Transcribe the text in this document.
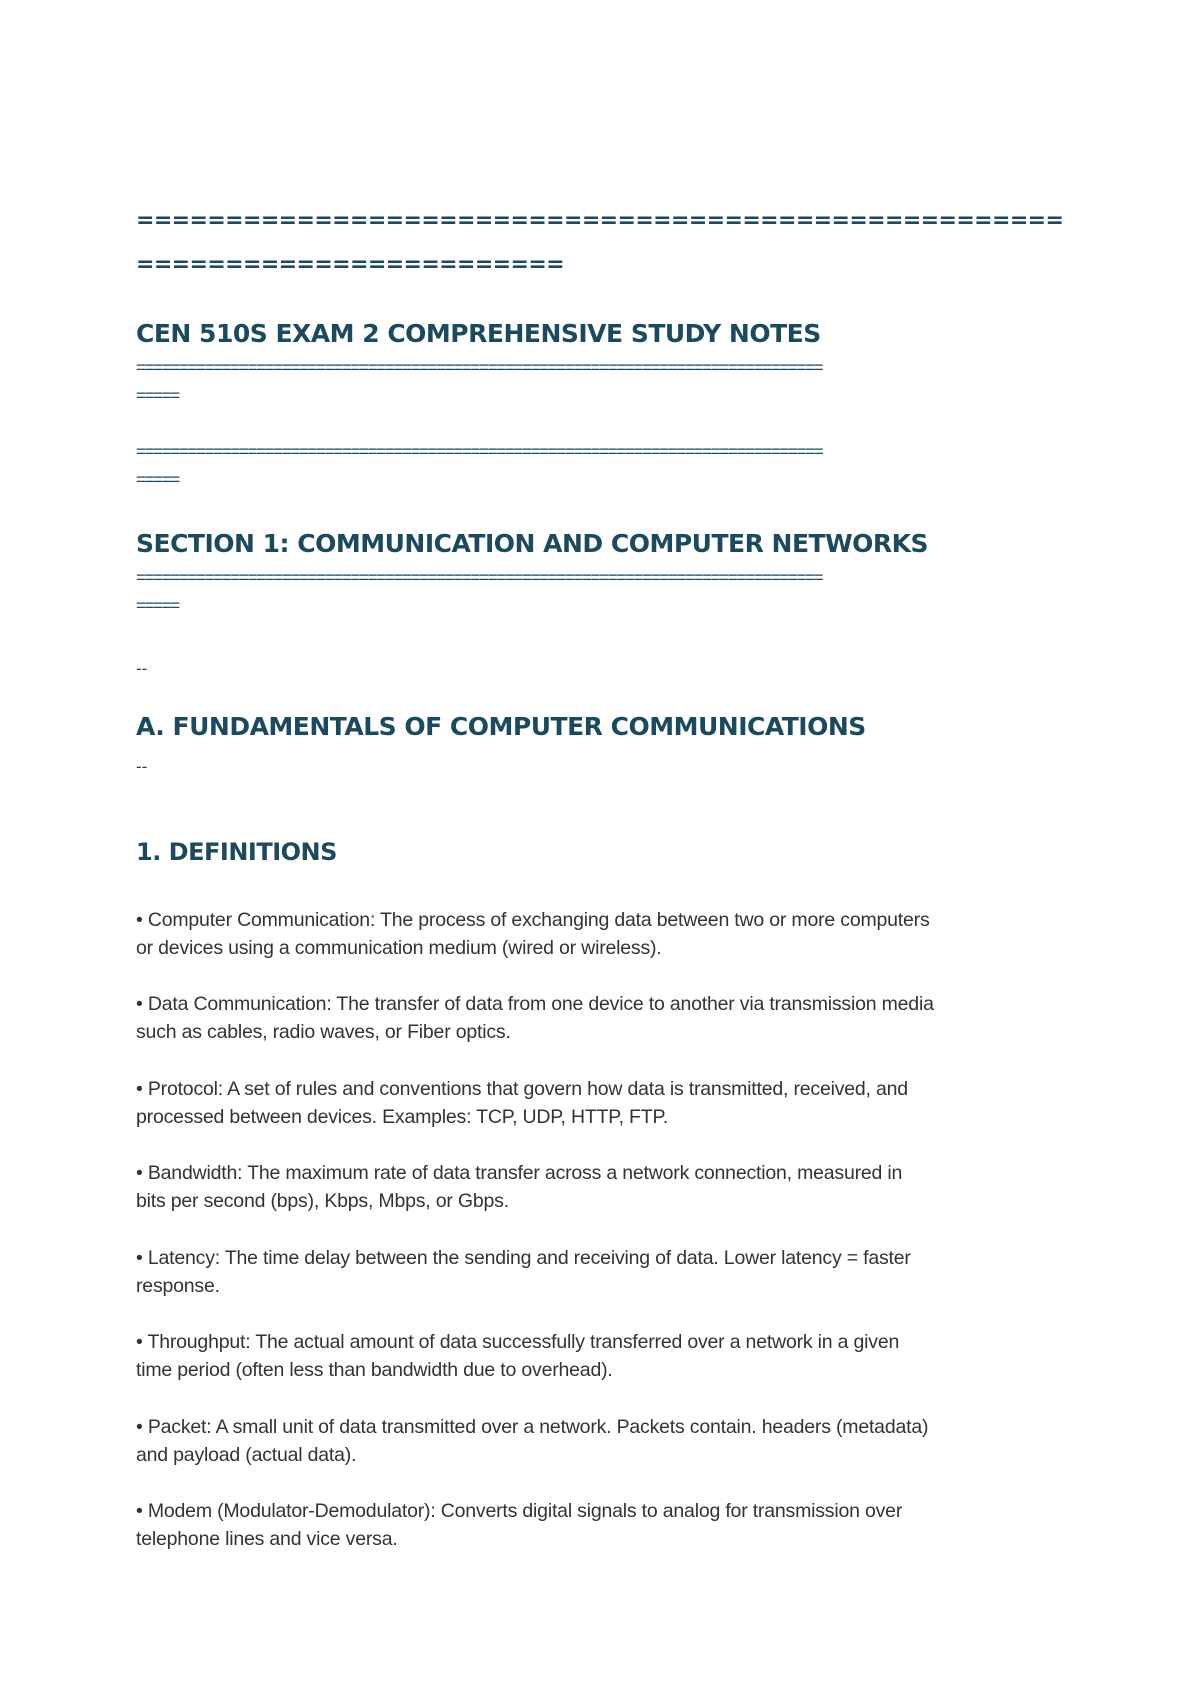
====================================================
========================
CEN 510S EXAM 2 COMPREHENSIVE STUDY NOTES
================================================================================
=====
================================================================================
=====
SECTION 1: COMMUNICATION AND COMPUTER NETWORKS
================================================================================
=====
--
A. FUNDAMENTALS OF COMPUTER COMMUNICATIONS
--
1. DEFINITIONS

• Computer Communication: The process of exchanging data between two or more computers or devices using a communication medium (wired or wireless).

• Data Communication: The transfer of data from one device to another via transmission media such as cables, radio waves, or Fiber optics.

• Protocol: A set of rules and conventions that govern how data is transmitted, received, and processed between devices. Examples: TCP, UDP, HTTP, FTP.

• Bandwidth: The maximum rate of data transfer across a network connection, measured in bits per second (bps), Kbps, Mbps, or Gbps.

• Latency: The time delay between the sending and receiving of data. Lower latency = faster response.

• Throughput: The actual amount of data successfully transferred over a network in a given time period (often less than bandwidth due to overhead).

• Packet: A small unit of data transmitted over a network. Packets contain. headers (metadata) and payload (actual data).

• Modem (Modulator-Demodulator): Converts digital signals to analog for transmission over telephone lines and vice versa.
